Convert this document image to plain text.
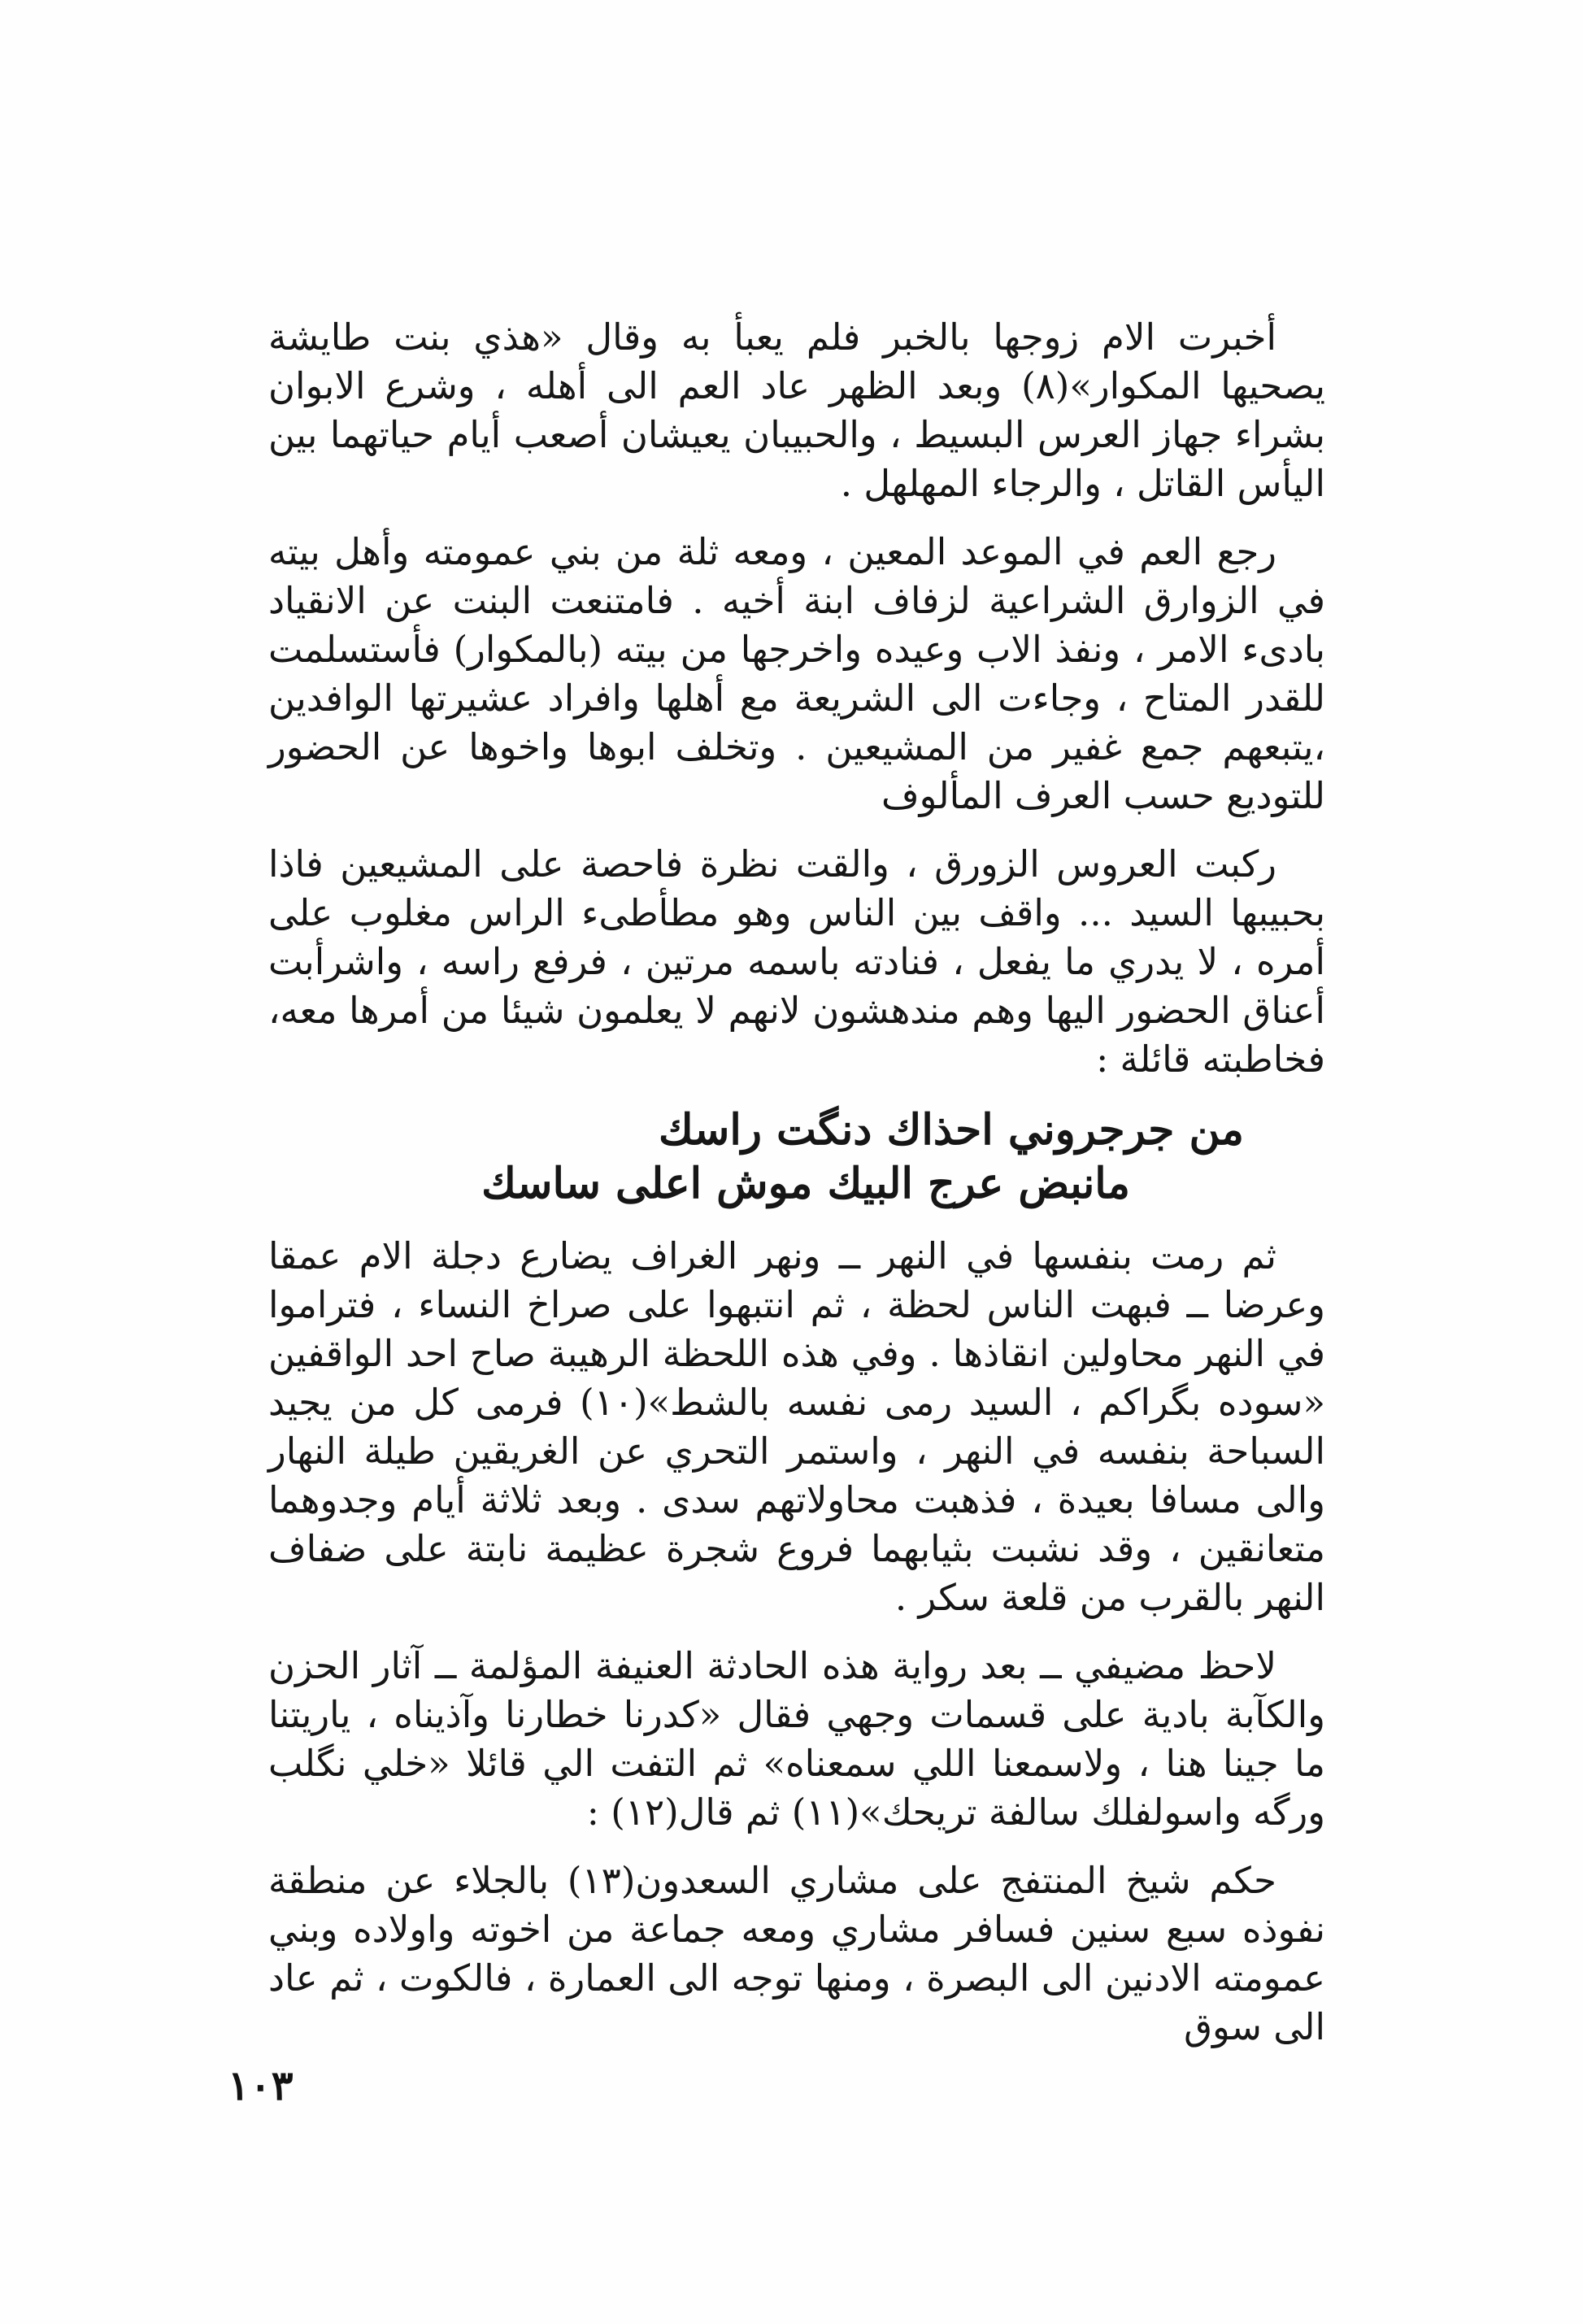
أخبرت الام زوجها بالخبر فلم يعبأ به وقال «هذي بنت طايشة يصحيها المكوار»(٨) وبعد الظهر عاد العم الى أهله ، وشرع الابوان بشراء جهاز العرس البسيط ، والحبيبان يعيشان أصعب أيام حياتهما بين اليأس القاتل ، والرجاء المهلهل .

رجع العم في الموعد المعين ، ومعه ثلة من بني عمومته وأهل بيته في الزوارق الشراعية لزفاف ابنة أخيه . فامتنعت البنت عن الانقياد بادىء الامر ، ونفذ الاب وعيده واخرجها من بيته (بالمكوار) فأستسلمت للقدر المتاح ، وجاءت الى الشريعة مع أهلها وافراد عشيرتها الوافدين ،يتبعهم جمع غفير من المشيعين . وتخلف ابوها واخوها عن الحضور للتوديع حسب العرف المألوف

ركبت العروس الزورق ، والقت نظرة فاحصة على المشيعين فاذا بحبيبها السيد ... واقف بين الناس وهو مطأطىء الراس مغلوب على أمره ، لا يدري ما يفعل ، فنادته باسمه مرتين ، فرفع راسه ، واشرأبت أعناق الحضور اليها وهم مندهشون لانهم لا يعلمون شيئا من أمرها معه، فخاطبته قائلة :

من جرجروني احذاك دنگت راسك

مانبض عرج البيك موش اعلى ساسك

ثم رمت بنفسها في النهر ــ ونهر الغراف يضارع دجلة الام عمقا وعرضا ــ فبهت الناس لحظة ، ثم انتبهوا على صراخ النساء ، فتراموا في النهر محاولين انقاذها . وفي هذه اللحظة الرهيبة صاح احد الواقفين «سوده بگراكم ، السيد رمى نفسه بالشط»(١٠) فرمى كل من يجيد السباحة بنفسه في النهر ، واستمر التحري عن الغريقين طيلة النهار والى مسافا بعيدة ، فذهبت محاولاتهم سدى . وبعد ثلاثة أيام وجدوهما متعانقين ، وقد نشبت بثيابهما فروع شجرة عظيمة نابتة على ضفاف النهر بالقرب من قلعة سكر .

لاحظ مضيفي ــ بعد رواية هذه الحادثة العنيفة المؤلمة ــ آثار الحزن والكآبة بادية على قسمات وجهي فقال «كدرنا خطارنا وآذيناه ، ياريتنا ما جينا هنا ، ولاسمعنا اللي سمعناه» ثم التفت الي قائلا «خلي نگلب ورگه واسولفلك سالفة تريحك»(١١) ثم قال(١٢) :

حكم شيخ المنتفج على مشاري السعدون(١٣) بالجلاء عن منطقة نفوذه سبع سنين فسافر مشاري ومعه جماعة من اخوته واولاده وبني عمومته الادنين الى البصرة ، ومنها توجه الى العمارة ، فالكوت ، ثم عاد الى سوق

١٠٣
